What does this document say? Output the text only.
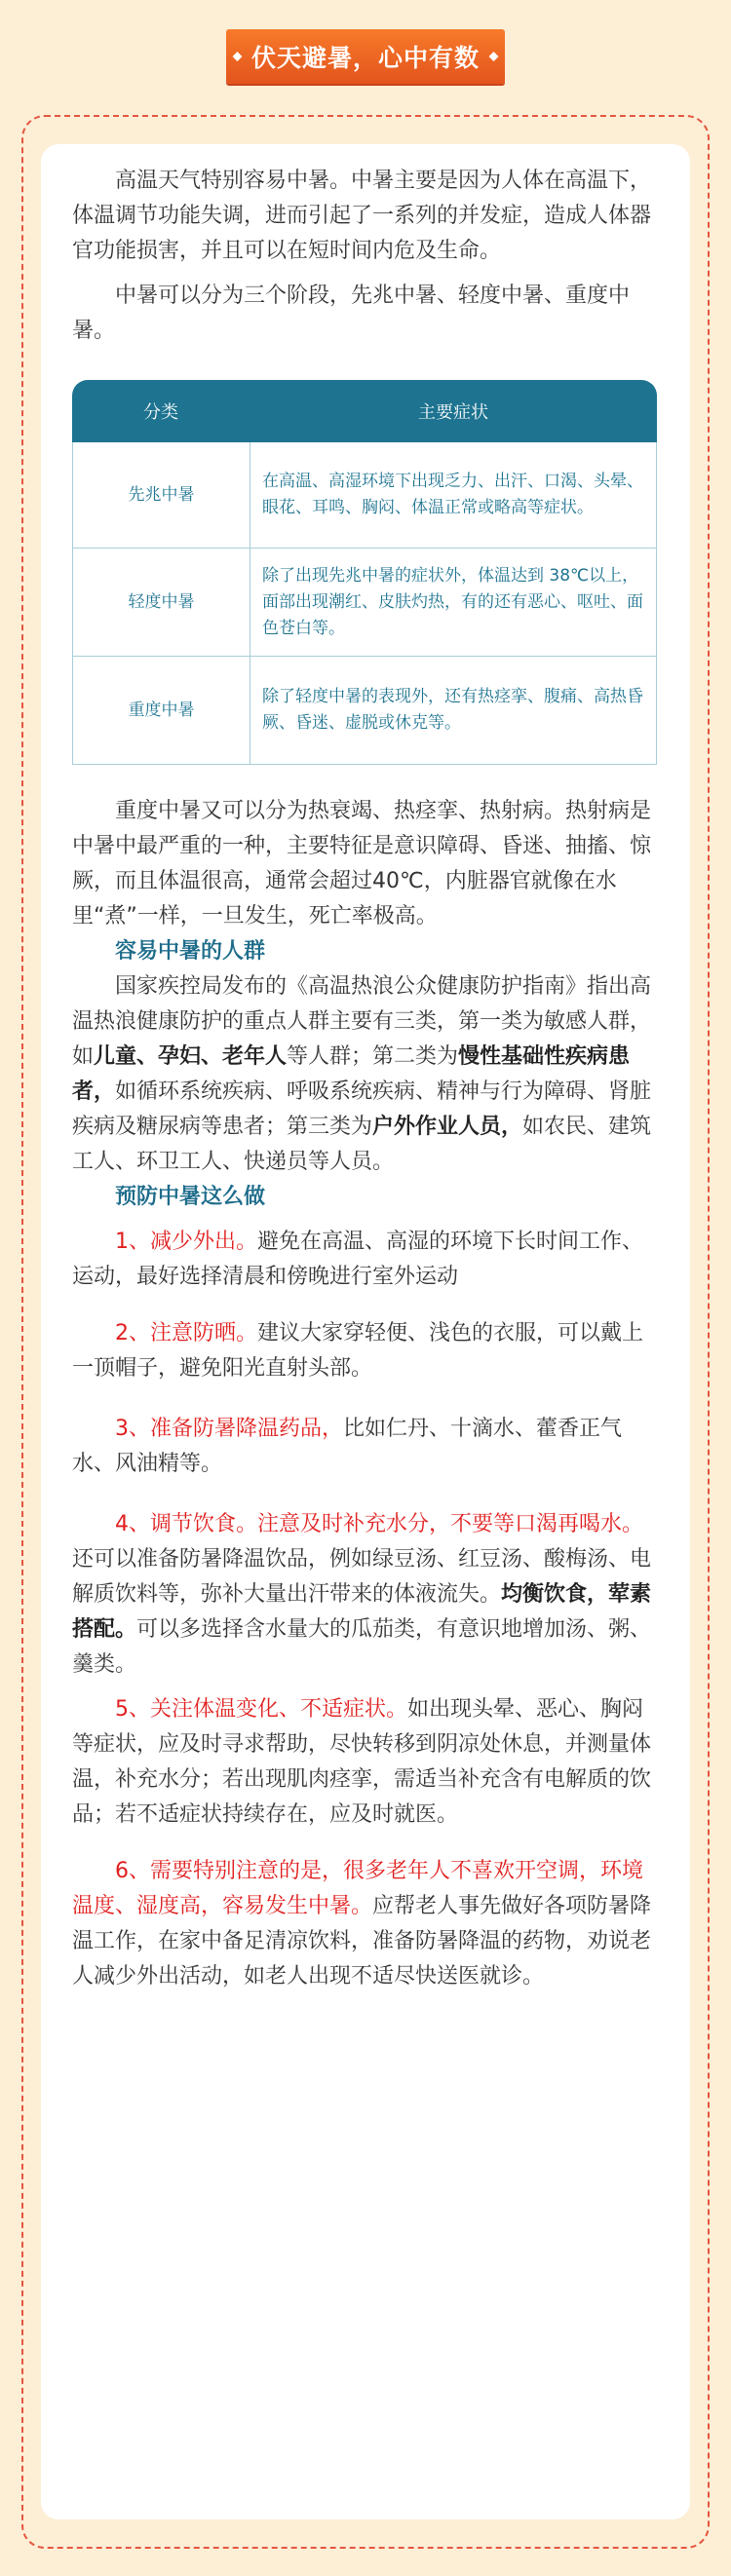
伏天避暑，心中有数

高温天气特别容易中暑。中暑主要是因为人体在高温下，体温调节功能失调，进而引起了一系列的并发症，造成人体器官功能损害，并且可以在短时间内危及生命。

中暑可以分为三个阶段，先兆中暑、轻度中暑、重度中暑。

分类	主要症状
先兆中暑	在高温、高湿环境下出现乏力、出汗、口渴、头晕、眼花、耳鸣、胸闷、体温正常或略高等症状。
轻度中暑	除了出现先兆中暑的症状外，体温达到 38℃以上，面部出现潮红、皮肤灼热，有的还有恶心、呕吐、面色苍白等。
重度中暑	除了轻度中暑的表现外，还有热痉挛、腹痛、高热昏厥、昏迷、虚脱或休克等。

重度中暑又可以分为热衰竭、热痉挛、热射病。热射病是中暑中最严重的一种，主要特征是意识障碍、昏迷、抽搐、惊厥，而且体温很高，通常会超过40℃，内脏器官就像在水里“煮”一样，一旦发生，死亡率极高。

容易中暑的人群

国家疾控局发布的《高温热浪公众健康防护指南》指出高温热浪健康防护的重点人群主要有三类，第一类为敏感人群，如儿童、孕妇、老年人等人群；第二类为慢性基础性疾病患者，如循环系统疾病、呼吸系统疾病、精神与行为障碍、肾脏疾病及糖尿病等患者；第三类为户外作业人员，如农民、建筑工人、环卫工人、快递员等人员。

预防中暑这么做

1、减少外出。避免在高温、高湿的环境下长时间工作、运动，最好选择清晨和傍晚进行室外运动

2、注意防晒。建议大家穿轻便、浅色的衣服，可以戴上一顶帽子，避免阳光直射头部。

3、准备防暑降温药品，比如仁丹、十滴水、藿香正气水、风油精等。

4、调节饮食。注意及时补充水分，不要等口渴再喝水。还可以准备防暑降温饮品，例如绿豆汤、红豆汤、酸梅汤、电解质饮料等，弥补大量出汗带来的体液流失。均衡饮食，荤素搭配。可以多选择含水量大的瓜茄类，有意识地增加汤、粥、羹类。

5、关注体温变化、不适症状。如出现头晕、恶心、胸闷等症状，应及时寻求帮助，尽快转移到阴凉处休息，并测量体温，补充水分；若出现肌肉痉挛，需适当补充含有电解质的饮品；若不适症状持续存在，应及时就医。

6、需要特别注意的是，很多老年人不喜欢开空调，环境温度、湿度高，容易发生中暑。应帮老人事先做好各项防暑降温工作，在家中备足清凉饮料，准备防暑降温的药物，劝说老人减少外出活动，如老人出现不适尽快送医就诊。
